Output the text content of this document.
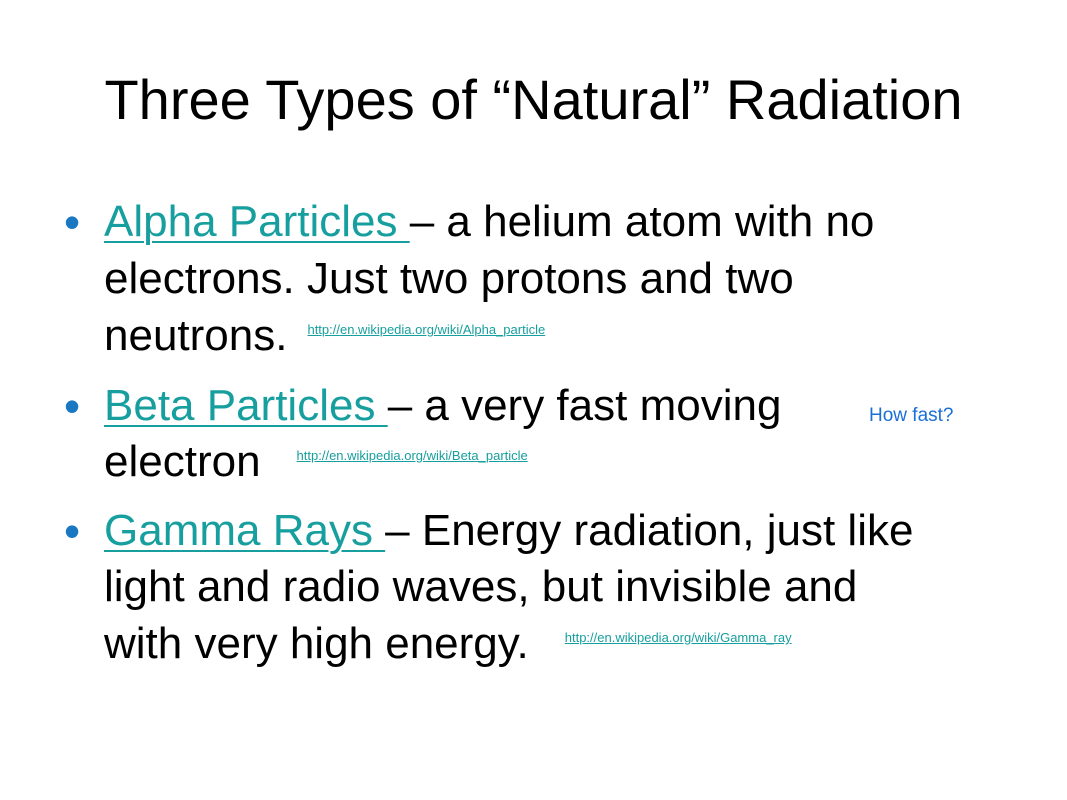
Three Types of “Natural” Radiation
• Alpha Particles – a helium atom with no
electrons. Just two protons and two
neutrons. $^{http://en.wikipedia.org/wiki/Alpha\_particle}$
• Beta Particles – a very fast moving
electron	$^{http://en.wikipedia.org/wiki/Beta\_particle}$
How fast?
• Gamma Rays – Energy radiation, just like
light and radio waves, but invisible and
with very high energy.	$^{http://en.wikipedia.org/wiki/Gamma\_ray}$
